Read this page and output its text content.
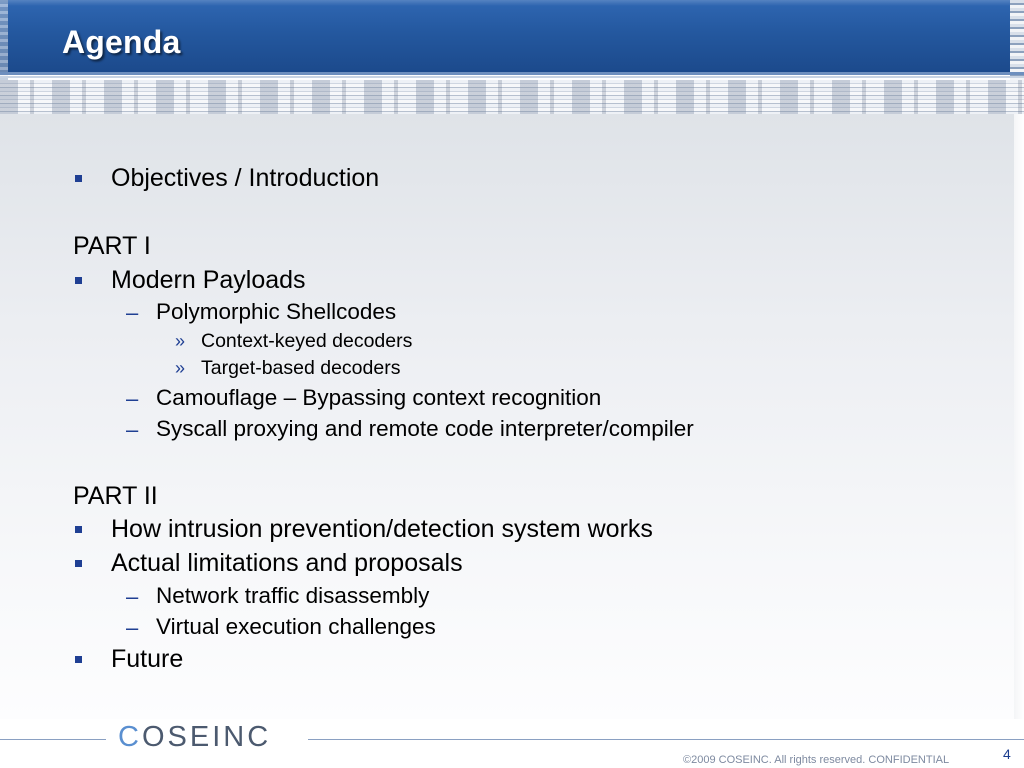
Agenda

Objectives / Introduction

PART I

Modern Payloads

– Polymorphic Shellcodes

» Context-keyed decoders

» Target-based decoders

– Camouflage – Bypassing context recognition

– Syscall proxying and remote code interpreter/compiler

PART II

How intrusion prevention/detection system works

Actual limitations and proposals

– Network traffic disassembly

– Virtual execution challenges

Future

COSEINC
©2009 COSEINC. All rights reserved. CONFIDENTIAL	4
